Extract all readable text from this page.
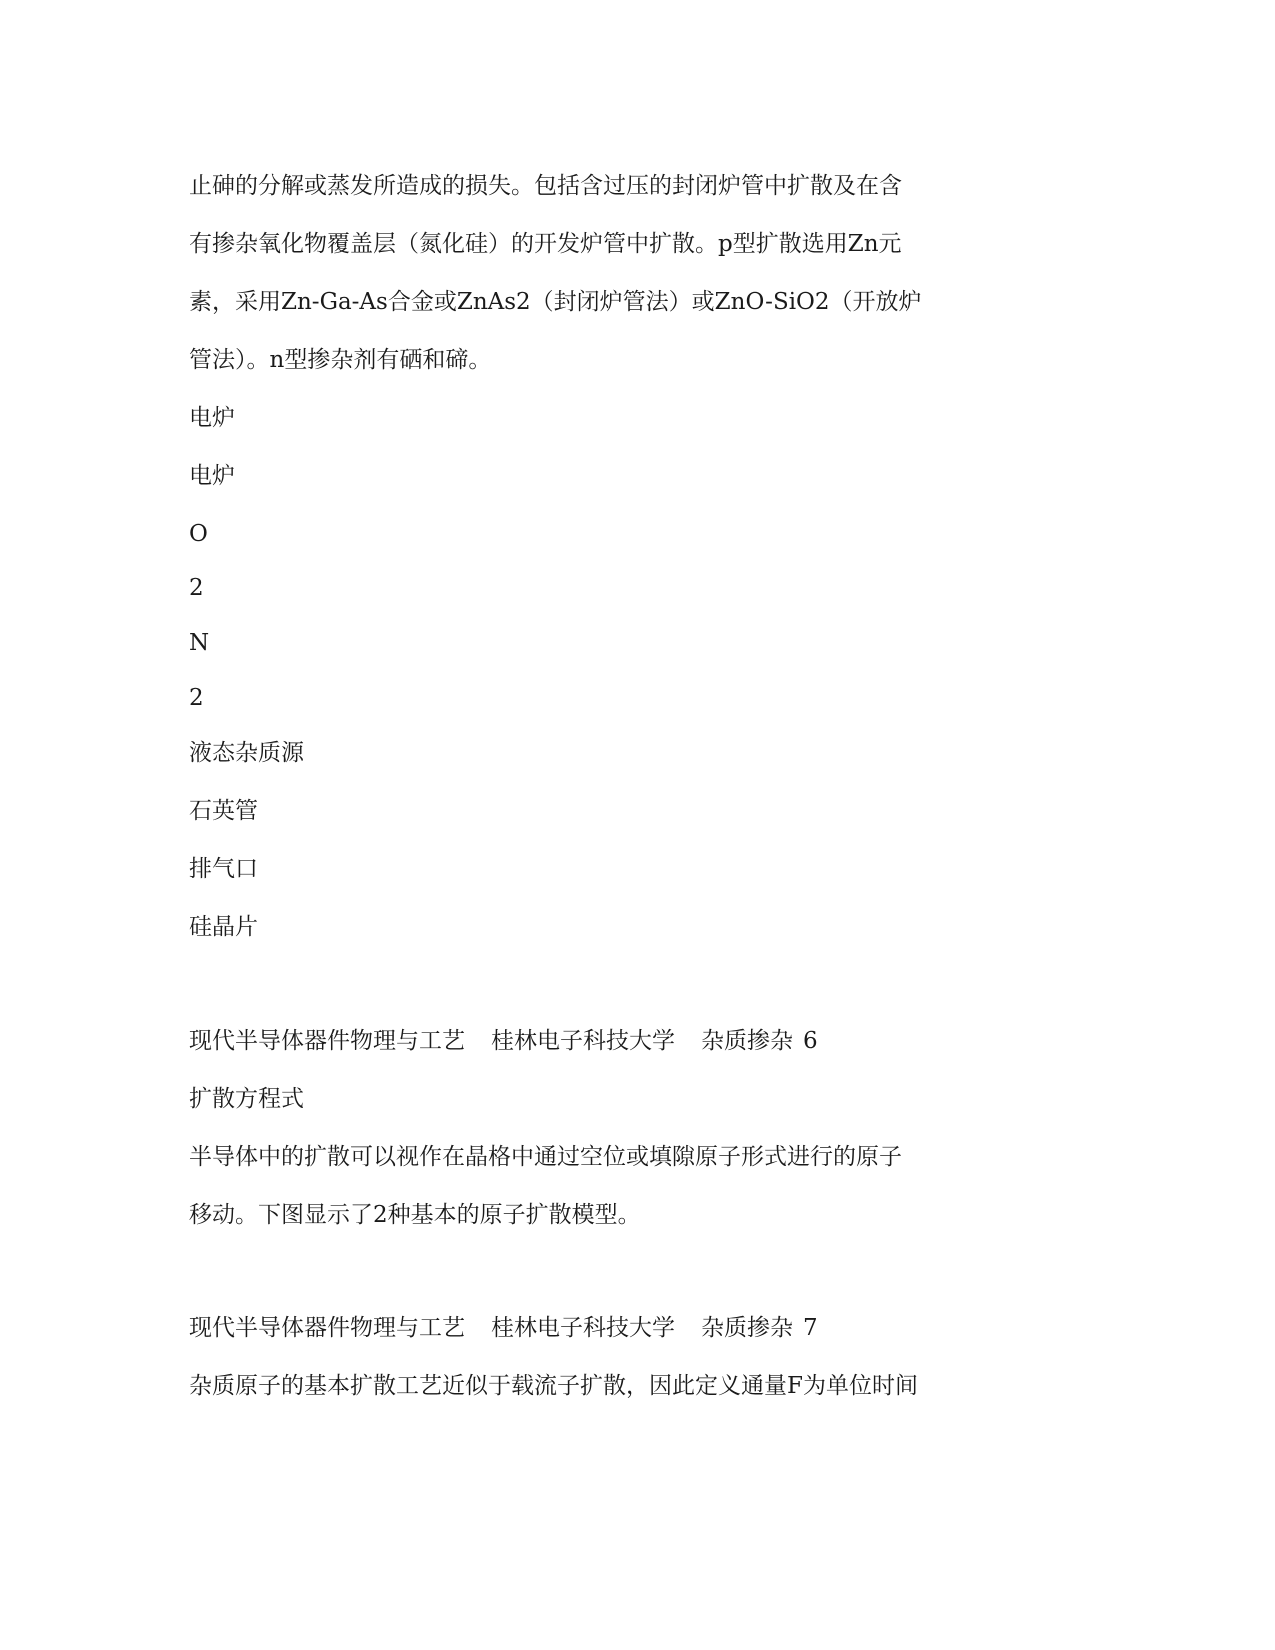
止砷的分解或蒸发所造成的损失。包括含过压的封闭炉管中扩散及在含

有掺杂氧化物覆盖层（氮化硅）的开发炉管中扩散。p型扩散选用Zn元

素，采用Zn-Ga-As合金或ZnAs2（封闭炉管法）或ZnO-SiO2（开放炉

管法）。n型掺杂剂有硒和碲。

电炉

电炉

O

2

N

2

液态杂质源

石英管

排气口

硅晶片

现代半导体器件物理与工艺 桂林电子科技大学 杂质掺杂 6

扩散方程式

半导体中的扩散可以视作在晶格中通过空位或填隙原子形式进行的原子

移动。下图显示了2种基本的原子扩散模型。

现代半导体器件物理与工艺 桂林电子科技大学 杂质掺杂 7

杂质原子的基本扩散工艺近似于载流子扩散，因此定义通量F为单位时间
